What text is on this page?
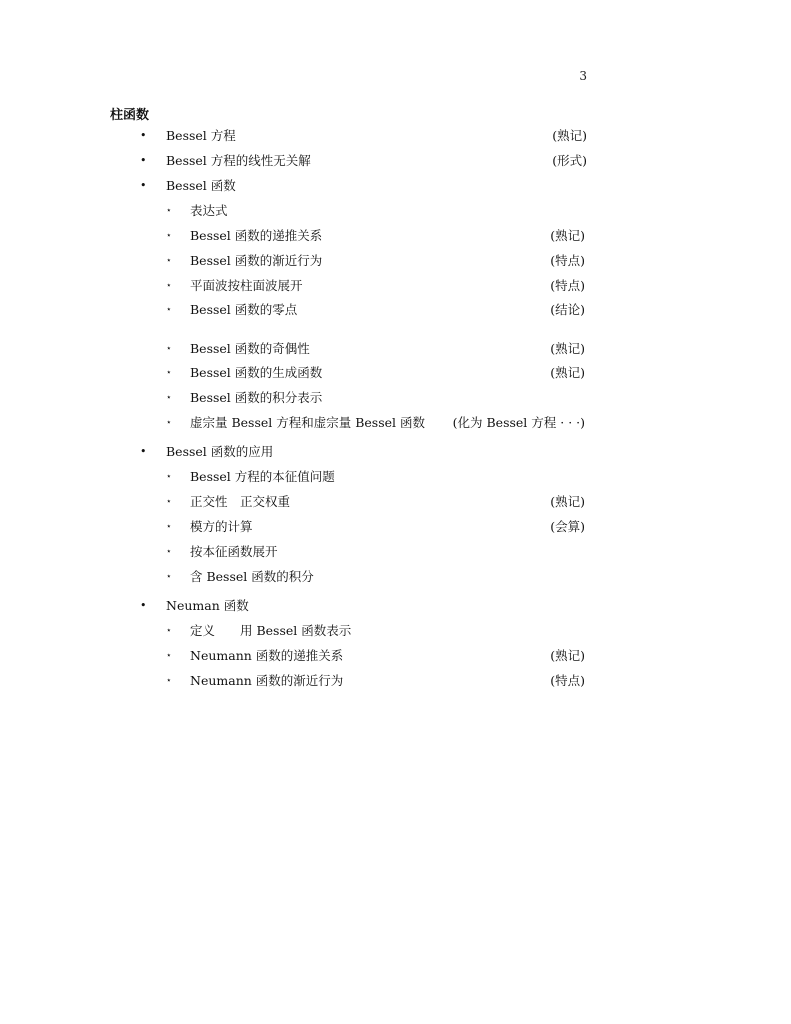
3
柱函数
• Bessel 方程	(熟记)
• Bessel 方程的线性无关解	(形式)
• Bessel 函数
⋆ 表达式
⋆ Bessel 函数的递推关系	(熟记)
⋆ Bessel 函数的渐近行为	(特点)
⋆ 平面波按柱面波展开	(特点)
⋆ Bessel 函数的零点	(结论)
⋆ Bessel 函数的奇偶性	(熟记)
⋆ Bessel 函数的生成函数	(熟记)
⋆ Bessel 函数的积分表示
⋆ 虚宗量 Bessel 方程和虚宗量 Bessel 函数 (化为 Bessel 方程 · · ·)
• Bessel 函数的应用
⋆ Bessel 方程的本征值问题
⋆ 正交性　正交权重	(熟记)
⋆ 模方的计算	(会算)
⋆ 按本征函数展开
⋆ 含 Bessel 函数的积分
• Neuman 函数
⋆ 定义　　用 Bessel 函数表示
⋆ Neumann 函数的递推关系	(熟记)
⋆ Neumann 函数的渐近行为	(特点)
